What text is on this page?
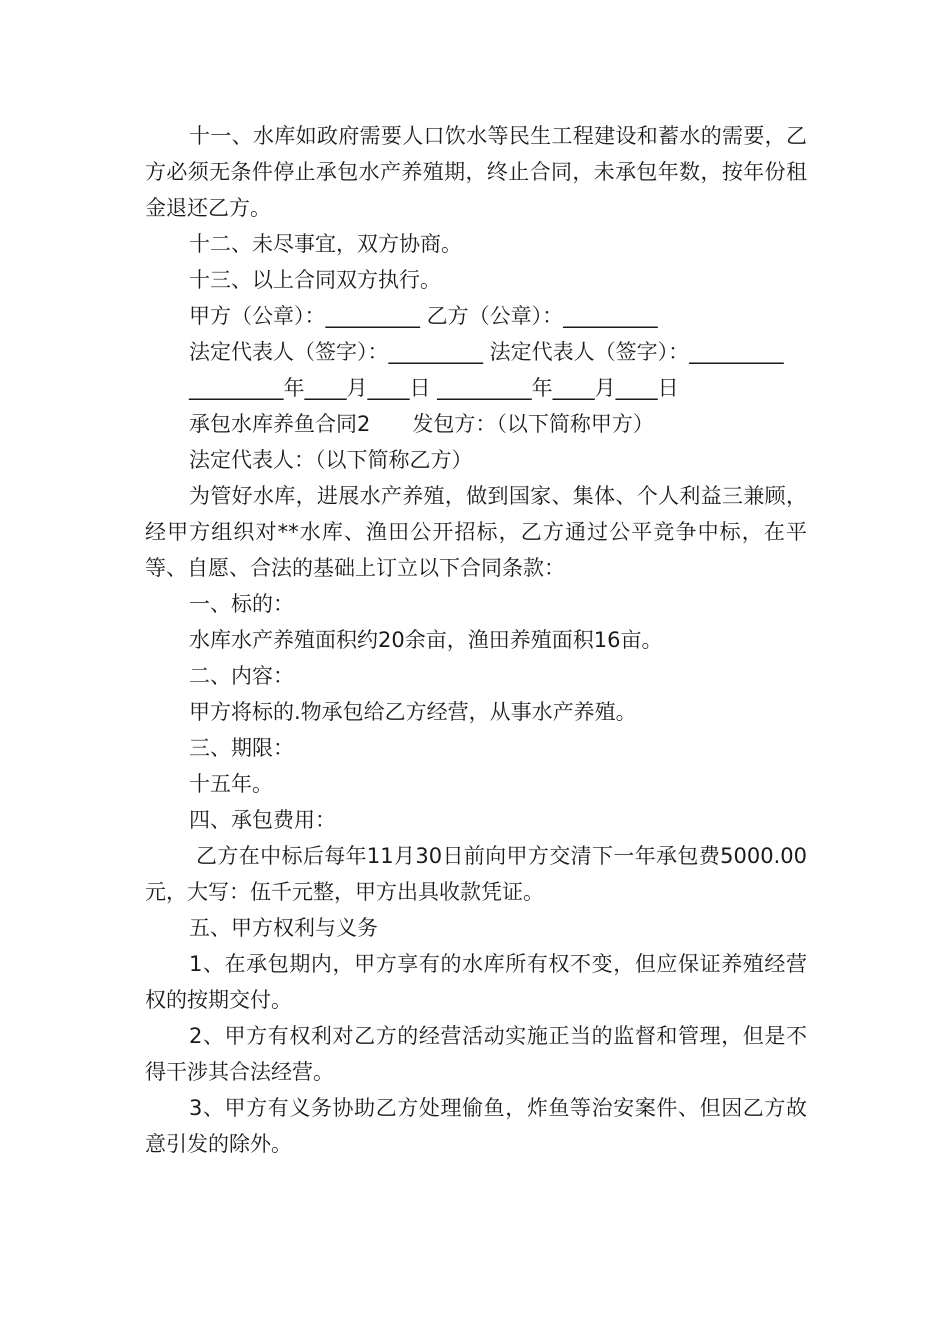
十一、水库如政府需要人口饮水等民生工程建设和蓄水的需要，乙方必须无条件停止承包水产养殖期，终止合同，未承包年数，按年份租金退还乙方。

十二、未尽事宜，双方协商。

十三、以上合同双方执行。

甲方（公章）：_________ 乙方（公章）：_________

法定代表人（签字）：_________ 法定代表人（签字）：_________

_________年____月____日 _________年____月____日

承包水库养鱼合同2　　发包方：（以下简称甲方）

法定代表人：（以下简称乙方）

为管好水库，进展水产养殖，做到国家、集体、个人利益三兼顾，经甲方组织对**水库、渔田公开招标，乙方通过公平竞争中标，在平等、自愿、合法的基础上订立以下合同条款：

一、标的：

水库水产养殖面积约20余亩，渔田养殖面积16亩。

二、内容：

甲方将标的.物承包给乙方经营，从事水产养殖。

三、期限：

十五年。

四、承包费用：

乙方在中标后每年11月30日前向甲方交清下一年承包费5000.00元，大写：伍千元整，甲方出具收款凭证。

五、甲方权利与义务

1、在承包期内，甲方享有的水库所有权不变，但应保证养殖经营权的按期交付。

2、甲方有权利对乙方的经营活动实施正当的监督和管理，但是不得干涉其合法经营。

3、甲方有义务协助乙方处理偷鱼，炸鱼等治安案件、但因乙方故意引发的除外。
